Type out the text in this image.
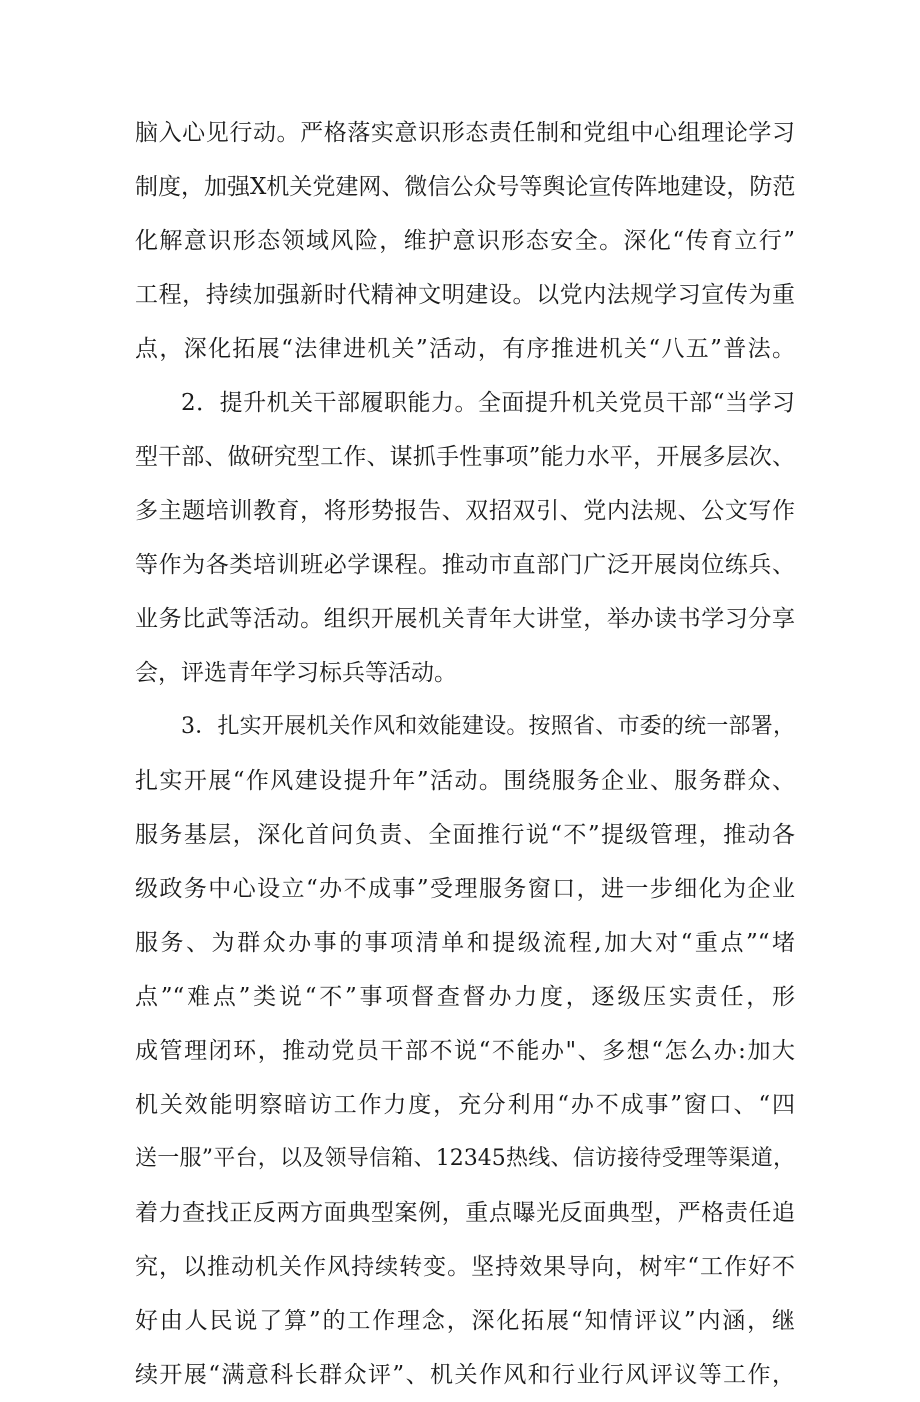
脑入心见行动。严格落实意识形态责任制和党组中心组理论学习
制度，加强X机关党建网、微信公众号等舆论宣传阵地建设，防范
化解意识形态领域风险，维护意识形态安全。深化“传育立行”
工程，持续加强新时代精神文明建设。以党内法规学习宣传为重
点，深化拓展“法律进机关”活动，有序推进机关“八五”普法。
2．提升机关干部履职能力。全面提升机关党员干部“当学习
型干部、做研究型工作、谋抓手性事项”能力水平，开展多层次、
多主题培训教育，将形势报告、双招双引、党内法规、公文写作
等作为各类培训班必学课程。推动市直部门广泛开展岗位练兵、
业务比武等活动。组织开展机关青年大讲堂，举办读书学习分享
会，评选青年学习标兵等活动。
3．扎实开展机关作风和效能建设。按照省、市委的统一部署，
扎实开展“作风建设提升年”活动。围绕服务企业、服务群众、
服务基层，深化首问负责、全面推行说“不”提级管理，推动各
级政务中心设立“办不成事”受理服务窗口，进一步细化为企业
服务、为群众办事的事项清单和提级流程,加大对“重点”“堵
点”“难点”类说“不”事项督查督办力度，逐级压实责任，形
成管理闭环，推动党员干部不说“不能办"、多想“怎么办:加大
机关效能明察暗访工作力度，充分利用“办不成事”窗口、“四
送一服”平台，以及领导信箱、12345热线、信访接待受理等渠道，
着力查找正反两方面典型案例，重点曝光反面典型，严格责任追
究，以推动机关作风持续转变。坚持效果导向，树牢“工作好不
好由人民说了算”的工作理念，深化拓展“知情评议”内涵，继
续开展“满意科长群众评”、机关作风和行业行风评议等工作，
